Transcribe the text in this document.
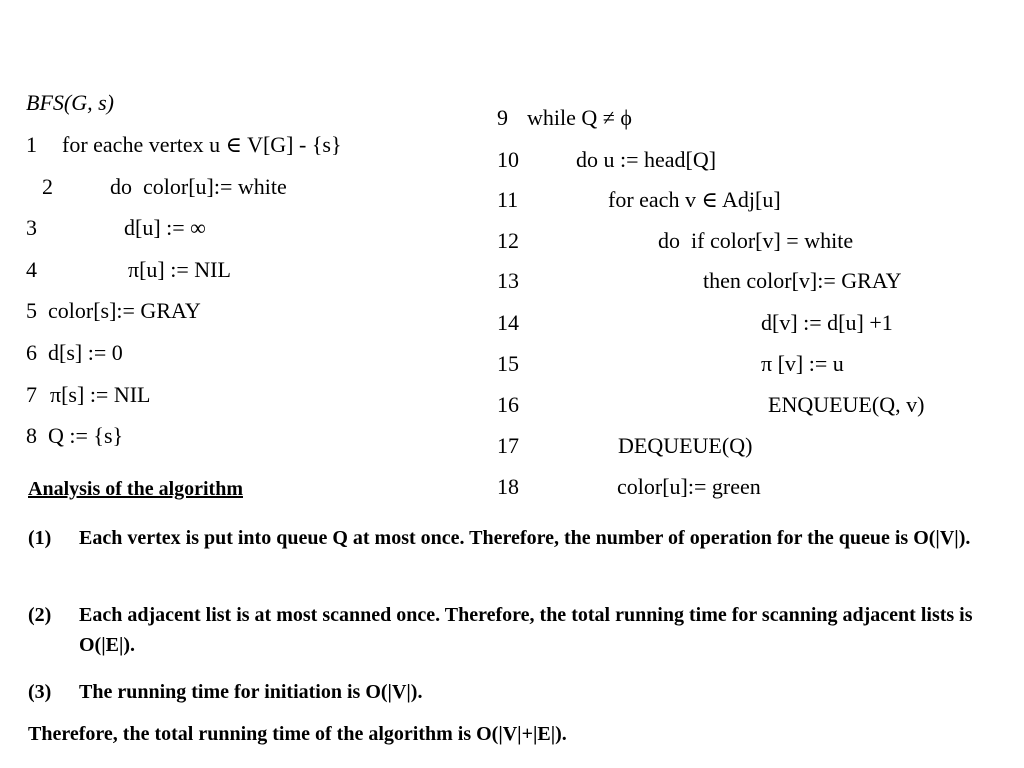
BFS(G, s)

1

for eache vertex u ∈ V[G] - {s}

2

	do  color[u]:= white

3

	d[u] := ∞

4

	π[u] := NIL

5

color[s]:= GRAY

6

d[s] := 0

7

π[s] := NIL

8

Q := {s}

9

while Q ≠ ϕ

10

	do u := head[Q]

11

	for each v ∈ Adj[u]

12

	do  if color[v] = white

13

	then color[v]:= GRAY

14

	d[v] := d[u] +1

15

	π [v] := u

16

	ENQUEUE(Q, v)

17

	DEQUEUE(Q)

18

	color[u]:= green

Analysis of the algorithm
(1) Each vertex is put into queue Q at most once. Therefore, the number of operation for the queue is O(|V|).
(2) Each adjacent list is at most scanned once. Therefore, the total running time for scanning adjacent lists is O(|E|).
(3) The running time for initiation is O(|V|).
Therefore, the total running time of the algorithm is O(|V|+|E|).
